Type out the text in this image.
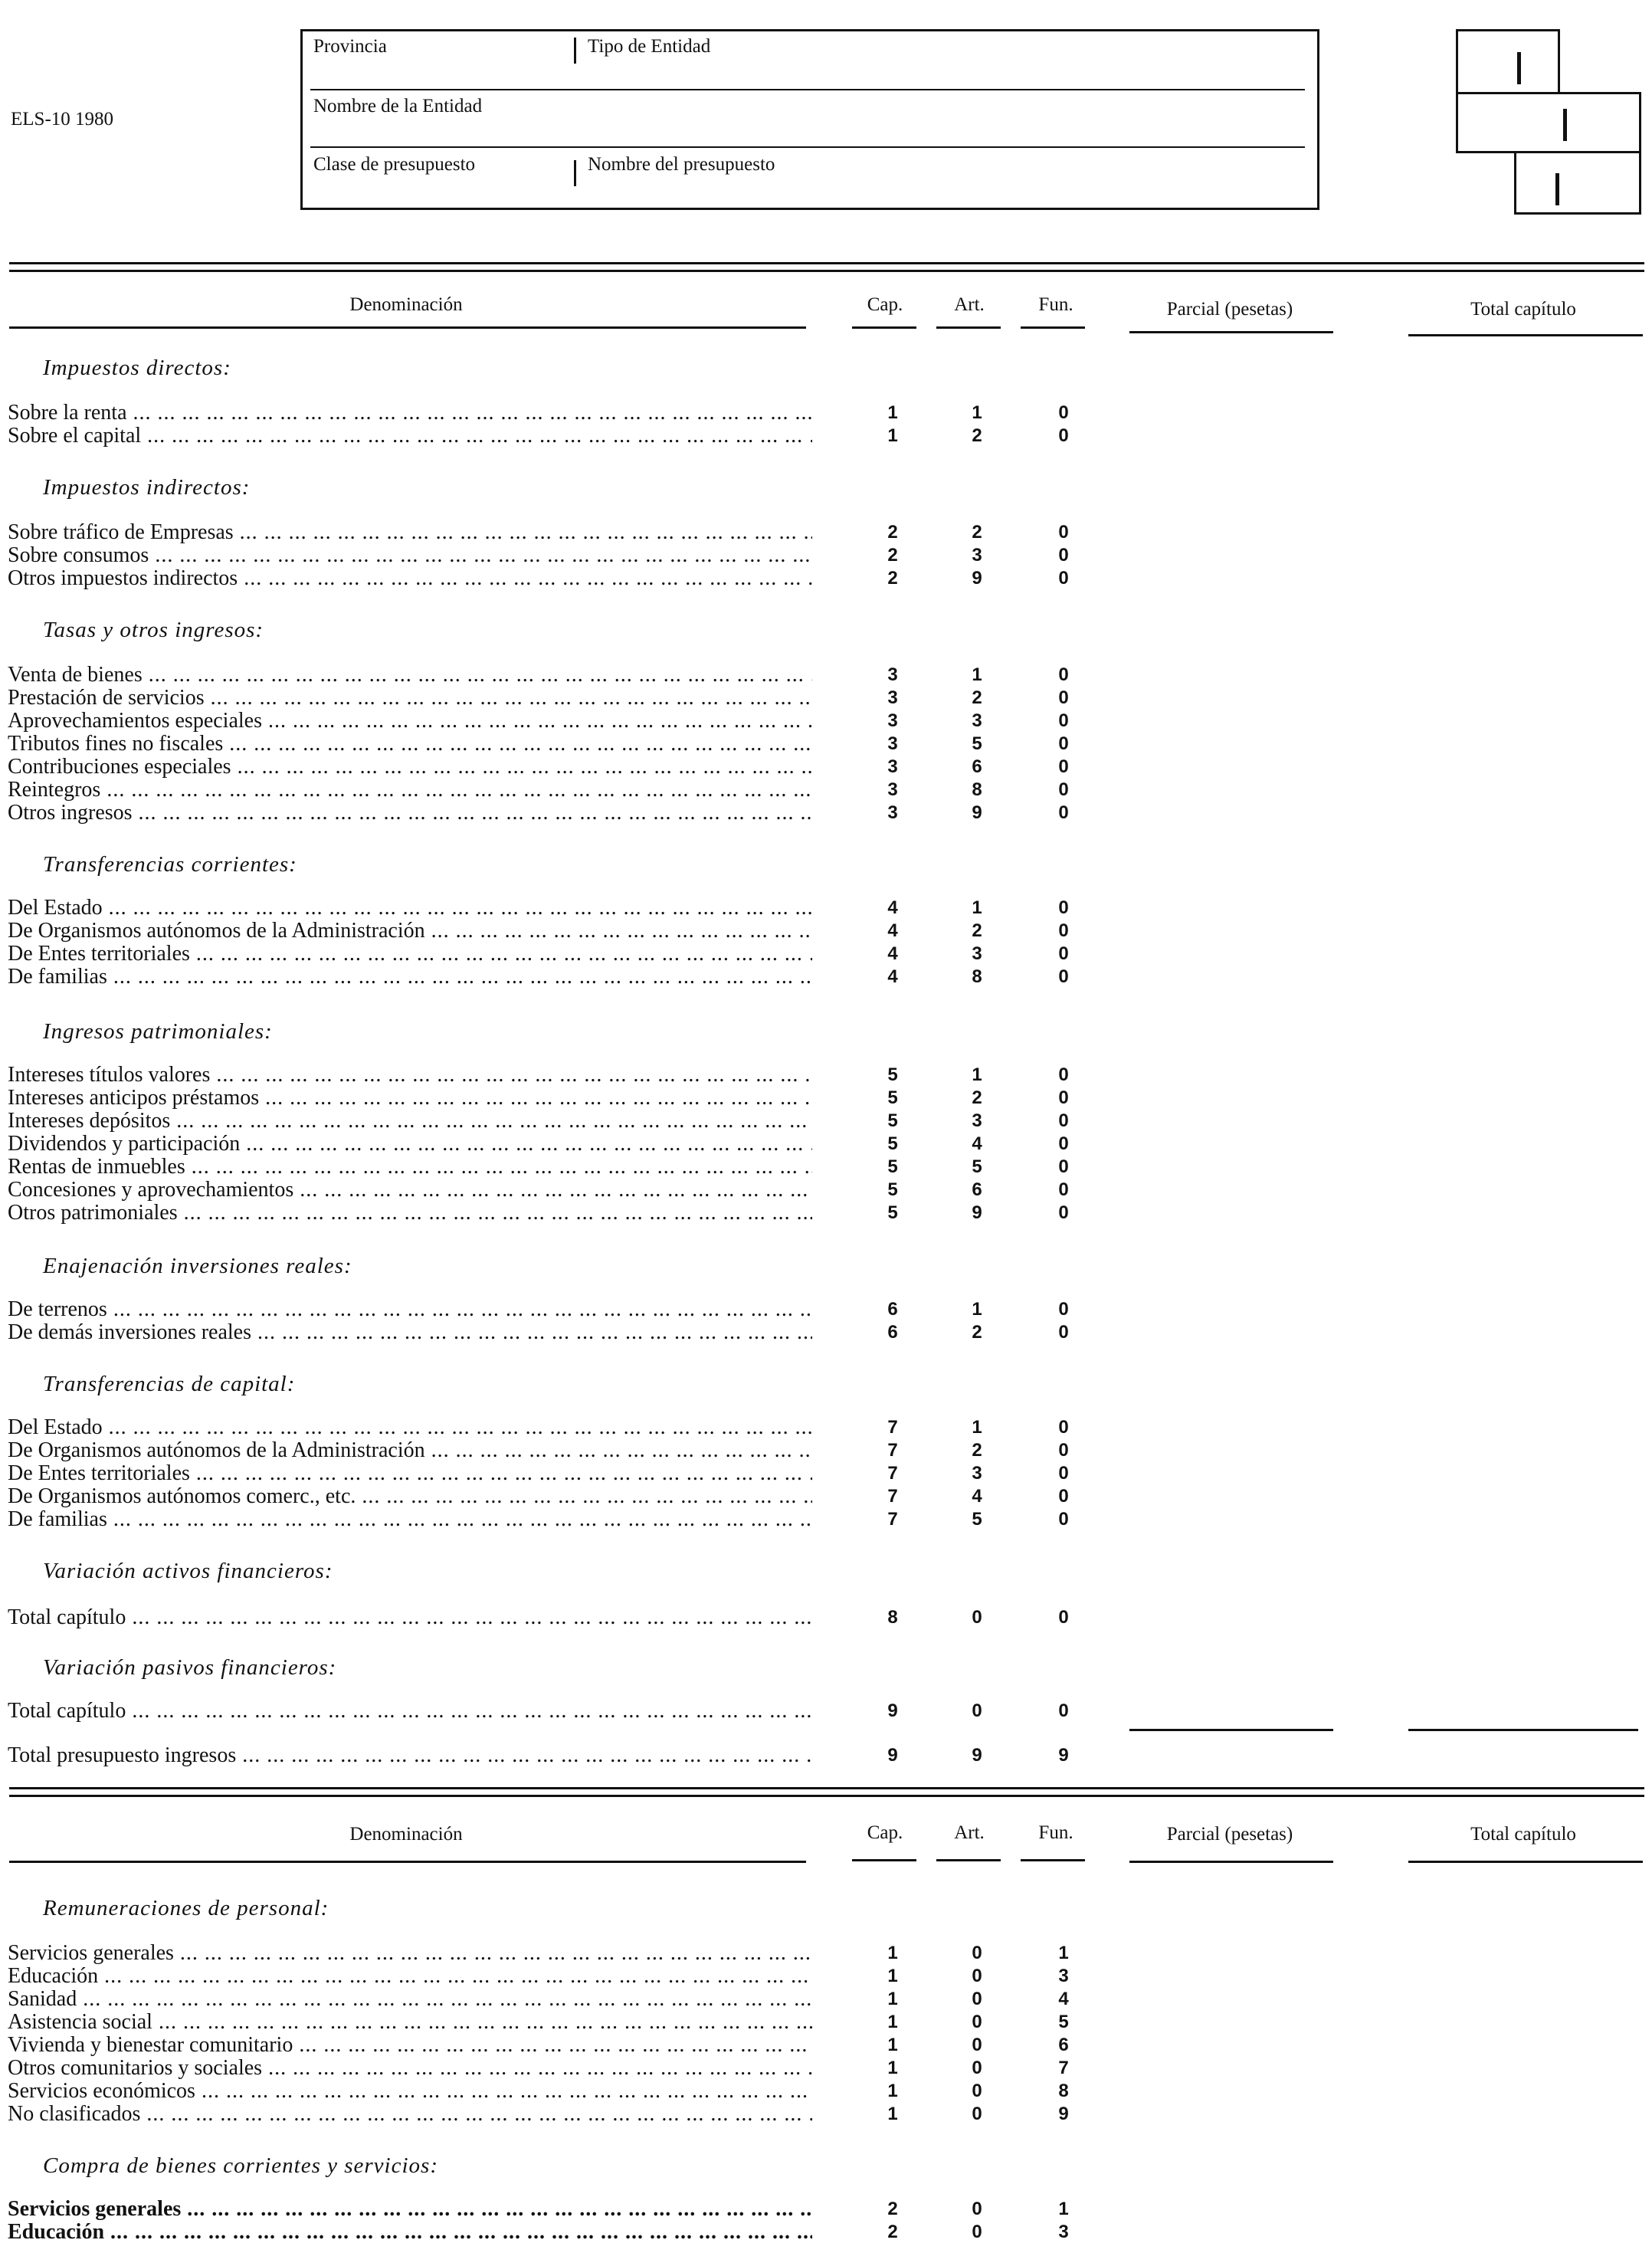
ELS-10 1980
Provincia	Tipo de Entidad
Nombre de la Entidad
Clase de presupuesto	Nombre del presupuesto
Denominación	Cap.	Art.	Fun.	Parcial (pesetas)	Total capítulo
Impuestos directos:
Sobre la renta ... .	1	1	0
Sobre el capital ... .	1	2	0
Impuestos indirectos:
Sobre tráfico de Empresas ... .	2	2	0
Sobre consumos ... .	2	3	0
Otros impuestos indirectos ... .	2	9	0
Tasas y otros ingresos:
Venta de bienes ... .	3	1	0
Prestación de servicios ... .	3	2	0
Aprovechamientos especiales ... .	3	3	0
Tributos fines no fiscales ... .	3	5	0
Contribuciones especiales ... .	3	6	0
Reintegros ... .	3	8	0
Otros ingresos ... .	3	9	0
Transferencias corrientes:
Del Estado ... .	4	1	0
De Organismos autónomos de la Administración ... .	4	2	0
De Entes territoriales ... .	4	3	0
De familias ... .	4	8	0
Ingresos patrimoniales:
Intereses títulos valores ... .	5	1	0
Intereses anticipos préstamos ... .	5	2	0
Intereses depósitos ... .	5	3	0
Dividendos y participación ... .	5	4	0
Rentas de inmuebles ... .	5	5	0
Concesiones y aprovechamientos ... .	5	6	0
Otros patrimoniales ... .	5	9	0
Enajenación inversiones reales:
De terrenos ... .	6	1	0
De demás inversiones reales ... .	6	2	0
Transferencias de capital:
Del Estado ... .	7	1	0
De Organismos autónomos de la Administración ... .	7	2	0
De Entes territoriales ... .	7	3	0
De Organismos autónomos comerc., etc. ... .	7	4	0
De familias ... .	7	5	0
Variación activos financieros:
Total capítulo ... .	8	0	0
Variación pasivos financieros:
Total capítulo ... .	9	0	0
Total presupuesto ingresos ... .	9	9	9
Denominación	Cap.	Art.	Fun.	Parcial (pesetas)	Total capítulo
Remuneraciones de personal:
Servicios generales ... .	1	0	1
Educación ... .	1	0	3
Sanidad ... .	1	0	4
Asistencia social ... .	1	0	5
Vivienda y bienestar comunitario ... .	1	0	6
Otros comunitarios y sociales ... .	1	0	7
Servicios económicos ... .	1	0	8
No clasificados ... .	1	0	9
Compra de bienes corrientes y servicios:
Servicios generales ... .	2	0	1
Educación ... .	2	0	3
